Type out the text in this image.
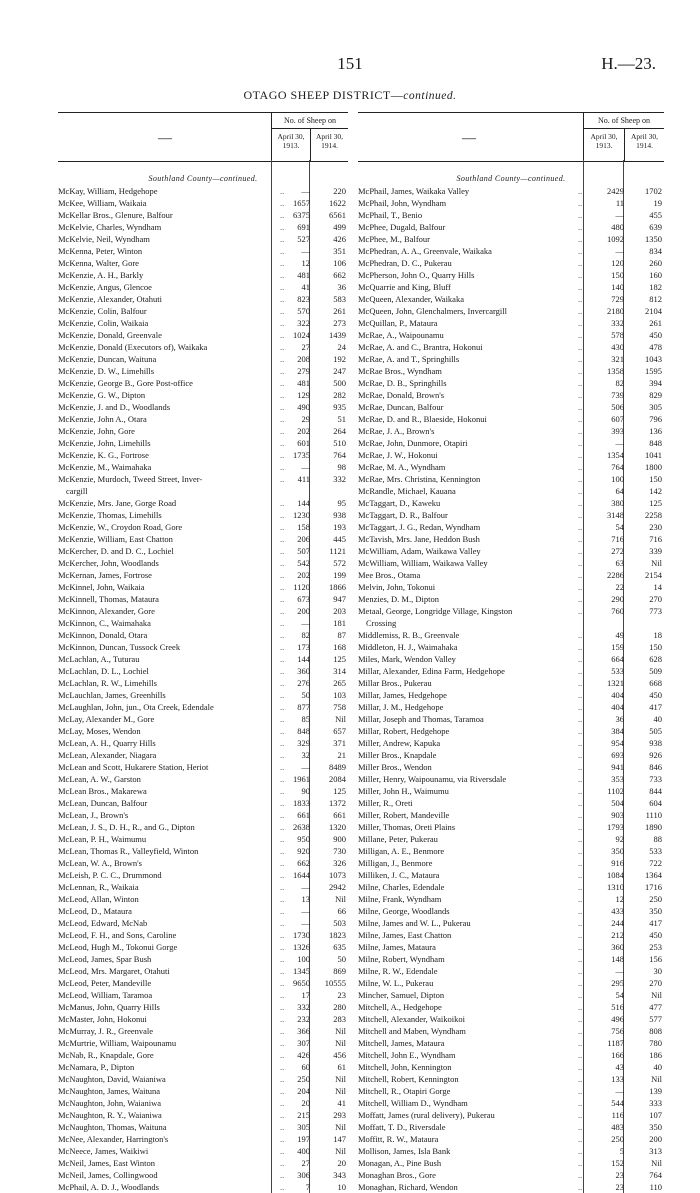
151	H.—23.
OTAGO SHEEP DISTRICT—continued.
—
No. of Sheep on
April 30, 1913.
April 30, 1914.
Southland County—continued.
McKay, William, Hedgehope	—	220
..
McKee, William, Waikaia	1657	1622
..
McKellar Bros., Glenure, Balfour	6375	6561
..
McKelvie, Charles, Wyndham	691	499
..
McKelvie, Neil, Wyndham	527	426
..
McKenna, Peter, Winton	—	351
..
McKenna, Walter, Gore	12	106
..
McKenzie, A. H., Barkly	481	662
..
McKenzie, Angus, Glencoe	41	36
..
McKenzie, Alexander, Otahuti	823	583
..
McKenzie, Colin, Balfour	570	261
..
McKenzie, Colin, Waikaia	322	273
..
McKenzie, Donald, Greenvale	1024	1439
..
McKenzie, Donald (Executors of), Waikaka	27	24
..
McKenzie, Duncan, Waituna	208	192
..
McKenzie, D. W., Limehills	279	247
..
McKenzie, George B., Gore Post-office	481	500
..
McKenzie, G. W., Dipton	129	282
..
McKenzie, J. and D., Woodlands	490	935
..
McKenzie, John A., Otara	29	51
..
McKenzie, John, Gore	202	264
..
McKenzie, John, Limehills	601	510
..
McKenzie, K. G., Fortrose	1735	764
..
McKenzie, M., Waimahaka	—	98
..
McKenzie, Murdoch, Tweed Street, Inver-	411	332
..
cargill
McKenzie, Mrs. Jane, Gorge Road	144	95
..
McKenzie, Thomas, Limehills	1230	938
..
McKenzie, W., Croydon Road, Gore	158	193
..
McKenzie, William, East Chatton	206	445
..
McKercher, D. and D. C., Lochiel	507	1121
..
McKercher, John, Woodlands	542	572
..
McKernan, James, Fortrose	202	199
..
McKinnel, John, Waikaia	1120	1866
..
McKinnell, Thomas, Mataura	673	947
..
McKinnon, Alexander, Gore	200	203
..
McKinnon, C., Waimahaka	—	181
..
McKinnon, Donald, Otara	82	87
..
McKinnon, Duncan, Tussock Creek	173	168
..
McLachlan, A., Tuturau	144	125
..
McLachlan, D. L., Lochiel	360	314
..
McLachlan, R. W., Limehills	276	265
..
McLauchlan, James, Greenhills	50	103
..
McLaughlan, John, jun., Ota Creek, Edendale	877	758
..
McLay, Alexander M., Gore	85	Nil
..
McLay, Moses, Wendon	848	657
..
McLean, A. H., Quarry Hills	329	371
..
McLean, Alexander, Niagara	32	21
..
McLean and Scott, Hukarere Station, Heriot	—	8489
..
McLean, A. W., Garston	1961	2084
..
McLean Bros., Makarewa	90	125
..
McLean, Duncan, Balfour	1833	1372
..
McLean, J., Brown's	661	661
..
McLean, J. S., D. H., R., and G., Dipton	2638	1320
..
McLean, P. H., Waimumu	950	900
..
McLean, Thomas R., Valleyfield, Winton	920	730
..
McLean, W. A., Brown's	662	326
..
McLeish, P. C. C., Drummond	1644	1073
..
McLennan, R., Waikaia	—	2942
..
McLeod, Allan, Winton	13	Nil
..
McLeod, D., Mataura	—	66
..
McLeod, Edward, McNab	—	503
..
McLeod, F. H., and Sons, Caroline	1730	1823
..
McLeod, Hugh M., Tokonui Gorge	1326	635
..
McLeod, James, Spar Bush	100	50
..
McLeod, Mrs. Margaret, Otahuti	1345	869
..
McLeod, Peter, Mandeville	9650	10555
..
McLeod, William, Taramoa	17	23
..
McManus, John, Quarry Hills	332	280
..
McMaster, John, Hokonui	232	283
..
McMurray, J. R., Greenvale	366	Nil
..
McMurtrie, William, Waipounamu	307	Nil
..
McNab, R., Knapdale, Gore	426	456
..
McNamara, P., Dipton	60	61
..
McNaughton, David, Waianiwa	250	Nil
..
McNaughton, James, Waituna	204	Nil
..
McNaughton, John, Waianiwa	20	41
..
McNaughton, R. Y., Waianiwa	215	293
..
McNaughton, Thomas, Waituna	305	Nil
..
McNee, Alexander, Harrington's	197	147
..
McNeece, James, Waikiwi	400	Nil
..
McNeil, James, East Winton	27	20
..
McNeil, James, Collingwood	306	343
..
McPhail, A. D. J., Woodlands	7	10
..
—
No. of Sheep on
April 30, 1913.
April 30, 1914.
Southland County—continued.
McPhail, James, Waikaka Valley	2429	1702
..
McPhail, John, Wyndham	11	19
..
McPhail, T., Benio	—	455
..
McPhee, Dugald, Balfour	480	639
..
McPhee, M., Balfour	1092	1350
..
McPhedran, A. A., Greenvale, Waikaka	—	834
..
McPhedran, D. C., Pukerau	120	260
..
McPherson, John O., Quarry Hills	150	160
..
McQuarrie and King, Bluff	140	182
..
McQueen, Alexander, Waikaka	729	812
..
McQueen, John, Glenchalmers, Invercargill	2180	2104
..
McQuillan, P., Mataura	332	261
..
McRae, A., Waipounamu	578	450
..
McRae, A. and C., Brantra, Hokonui	430	478
..
McRae, A. and T., Springhills	321	1043
..
McRae Bros., Wyndham	1358	1595
..
McRae, D. B., Springhills	82	394
..
McRae, Donald, Brown's	739	829
..
McRae, Duncan, Balfour	506	305
..
McRae, D. and R., Blaeside, Hokonui	607	796
..
McRae, J. A., Brown's	393	136
..
McRae, John, Dunmore, Otapiri	—	848
..
McRae, J. W., Hokonui	1354	1041
..
McRae, M. A., Wyndham	764	1800
..
McRae, Mrs. Christina, Kennington	100	150
..
McRandle, Michael, Kauana	64	142
..
McTaggart, D., Kaweku	380	125
..
McTaggart, D. R., Balfour	3148	2258
..
McTaggart, J. G., Redan, Wyndham	54	230
..
McTavish, Mrs. Jane, Heddon Bush	716	716
..
McWilliam, Adam, Waikawa Valley	272	339
..
McWilliam, William, Waikawa Valley	63	Nil
..
Mee Bros., Otama	2286	2154
..
Melvin, John, Tokonui	22	14
..
Menzies, D. M., Dipton	290	270
..
Metaal, George, Longridge Village, Kingston	760	773
..
Crossing
Middlemiss, R. B., Greenvale	49	18
..
Middleton, H. J., Waimahaka	159	150
..
Miles, Mark, Wendon Valley	664	628
..
Millar, Alexander, Edina Farm, Hedgehope	533	509
..
Millar Bros., Pukerau	1321	668
..
Millar, James, Hedgehope	404	450
..
Millar, J. M., Hedgehope	404	417
..
Millar, Joseph and Thomas, Taramoa	36	40
..
Millar, Robert, Hedgehope	384	505
..
Miller, Andrew, Kapuka	954	938
..
Miller Bros., Knapdale	693	926
..
Miller Bros., Wendon	941	846
..
Miller, Henry, Waipounamu, via Riversdale	353	733
..
Miller, John H., Waimumu	1102	844
..
Miller, R., Oreti	504	604
..
Miller, Robert, Mandeville	903	1110
..
Miller, Thomas, Oreti Plains	1793	1890
..
Millane, Peter, Pukerau	92	88
..
Milligan, A. E., Benmore	350	533
..
Milligan, J., Benmore	916	722
..
Milliken, J. C., Mataura	1084	1364
..
Milne, Charles, Edendale	1310	1716
..
Milne, Frank, Wyndham	12	250
..
Milne, George, Woodlands	433	350
..
Milne, James and W. L., Pukerau	244	417
..
Milne, James, East Chatton	212	450
..
Milne, James, Mataura	360	253
..
Milne, Robert, Wyndham	148	156
..
Milne, R. W., Edendale	—	30
..
Milne, W. L., Pukerau	295	270
..
Mincher, Samuel, Dipton	54	Nil
..
Mitchell, A., Hedgehope	516	477
..
Mitchell, Alexander, Waikoikoi	496	577
..
Mitchell and Maben, Wyndham	756	808
..
Mitchell, James, Mataura	1187	780
..
Mitchell, John E., Wyndham	166	186
..
Mitchell, John, Kennington	43	40
..
Mitchell, Robert, Kennington	133	Nil
..
Mitchell, R., Otapiri Gorge	—	139
..
Mitchell, William D., Wyndham	544	333
..
Moffatt, James (rural delivery), Pukerau	116	107
..
Moffatt, T. D., Riversdale	483	350
..
Moffitt, R. W., Mataura	250	200
..
Mollison, James, Isla Bank	5	313
..
Monagan, A., Pine Bush	152	Nil
..
Monaghan Bros., Gore	23	764
..
Monaghan, Richard, Wendon	23	110
..
